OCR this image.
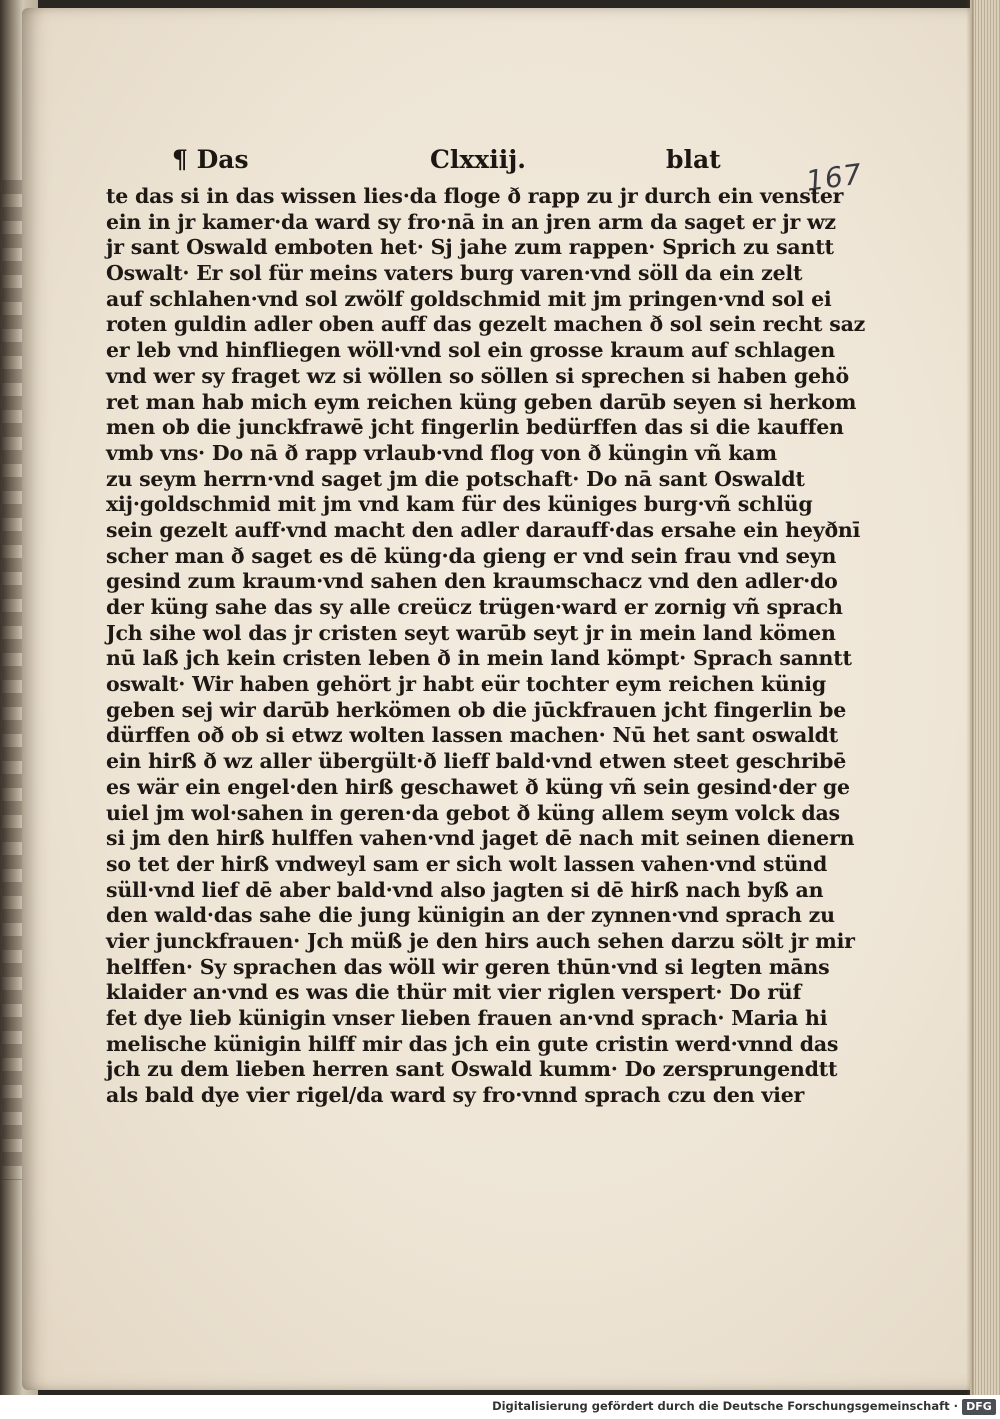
¶ Das	Clxxiij.	blat	167
te das si in das wissen lies·da floge ð rapp zu jr durch ein venster
ein in jr kamer·da ward sy fro·nā in an jren arm da saget er jr wz
jr sant Oswald emboten het· Sj jahe zum rappen· Sprich zu santt
Oswalt· Er sol für meins vaters burg varen·vnd söll da ein zelt
auf schlahen·vnd sol zwölf goldschmid mit jm pringen·vnd sol ei
roten guldin adler oben auff das gezelt machen ð sol sein recht saz
er leb vnd hinfliegen wöll·vnd sol ein grosse kraum auf schlagen
vnd wer sy fraget wz si wöllen so söllen si sprechen si haben gehö
ret man hab mich eym reichen küng geben darūb seyen si herkom
men ob die junckfrawē jcht fingerlin bedürffen das si die kauffen
vmb vns· Do nā ð rapp vrlaub·vnd flog von ð küngin vñ kam
zu seym herrn·vnd saget jm die potschaft· Do nā sant Oswaldt
xij·goldschmid mit jm vnd kam für des küniges burg·vñ schlüg
sein gezelt auff·vnd macht den adler darauff·das ersahe ein heyðnī
scher man ð saget es dē küng·da gieng er vnd sein frau vnd seyn
gesind zum kraum·vnd sahen den kraumschacz vnd den adler·do
der küng sahe das sy alle creücz trügen·ward er zornig vñ sprach
Jch sihe wol das jr cristen seyt warūb seyt jr in mein land kömen
nū laß jch kein cristen leben ð in mein land kömpt· Sprach sanntt
oswalt· Wir haben gehört jr habt eür tochter eym reichen künig
geben sej wir darūb herkömen ob die jūckfrauen jcht fingerlin be
dürffen oð ob si etwz wolten lassen machen· Nū het sant oswaldt
ein hirß ð wz aller übergült·ð lieff bald·vnd etwen steet geschribē
es wär ein engel·den hirß geschawet ð küng vñ sein gesind·der ge
uiel jm wol·sahen in geren·da gebot ð küng allem seym volck das
si jm den hirß hulffen vahen·vnd jaget dē nach mit seinen dienern
so tet der hirß vndweyl sam er sich wolt lassen vahen·vnd stünd
süll·vnd lief dē aber bald·vnd also jagten si dē hirß nach byß an
den wald·das sahe die jung künigin an der zynnen·vnd sprach zu
vier junckfrauen· Jch müß je den hirs auch sehen darzu sölt jr mir
helffen· Sy sprachen das wöll wir geren thūn·vnd si legten māns
klaider an·vnd es was die thür mit vier riglen verspert· Do rüf
fet dye lieb künigin vnser lieben frauen an·vnd sprach· Maria hi
melische künigin hilff mir das jch ein gute cristin werd·vnnd das
jch zu dem lieben herren sant Oswald kumm· Do zersprungendtt
als bald dye vier rigel/da ward sy fro·vnnd sprach czu den vier
Digitalisierung gefördert durch die Deutsche Forschungsgemeinschaft · DFG
